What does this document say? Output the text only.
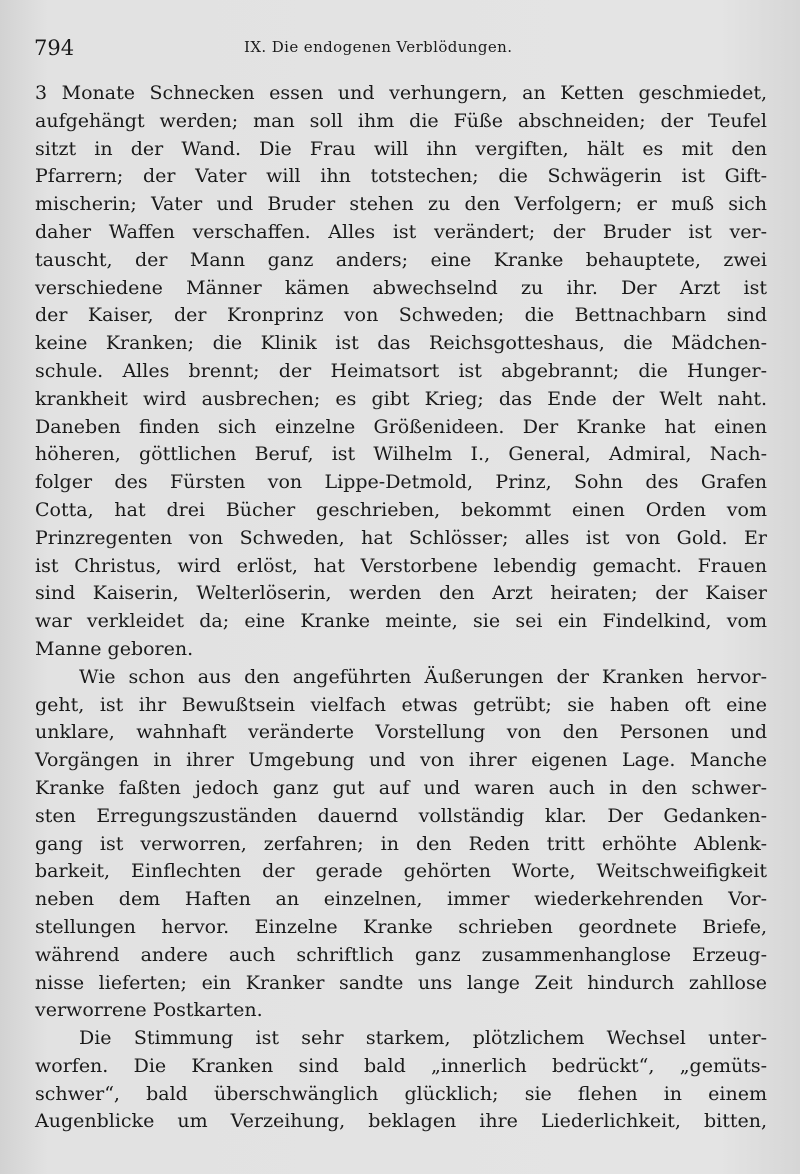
794	IX. Die endogenen Verblödungen.
3 Monate Schnecken essen und verhungern, an Ketten geschmiedet,
aufgehängt werden; man soll ihm die Füße abschneiden; der Teufel
sitzt in der Wand. Die Frau will ihn vergiften, hält es mit den
Pfarrern; der Vater will ihn totstechen; die Schwägerin ist Gift-
mischerin; Vater und Bruder stehen zu den Verfolgern; er muß sich
daher Waffen verschaffen. Alles ist verändert; der Bruder ist ver-
tauscht, der Mann ganz anders; eine Kranke behauptete, zwei
verschiedene Männer kämen abwechselnd zu ihr. Der Arzt ist
der Kaiser, der Kronprinz von Schweden; die Bettnachbarn sind
keine Kranken; die Klinik ist das Reichsgotteshaus, die Mädchen-
schule. Alles brennt; der Heimatsort ist abgebrannt; die Hunger-
krankheit wird ausbrechen; es gibt Krieg; das Ende der Welt naht.
Daneben finden sich einzelne Größenideen. Der Kranke hat einen
höheren, göttlichen Beruf, ist Wilhelm I., General, Admiral, Nach-
folger des Fürsten von Lippe-Detmold, Prinz, Sohn des Grafen
Cotta, hat drei Bücher geschrieben, bekommt einen Orden vom
Prinzregenten von Schweden, hat Schlösser; alles ist von Gold. Er
ist Christus, wird erlöst, hat Verstorbene lebendig gemacht. Frauen
sind Kaiserin, Welterlöserin, werden den Arzt heiraten; der Kaiser
war verkleidet da; eine Kranke meinte, sie sei ein Findelkind, vom
Manne geboren.
Wie schon aus den angeführten Äußerungen der Kranken hervor-
geht, ist ihr Bewußtsein vielfach etwas getrübt; sie haben oft eine
unklare, wahnhaft veränderte Vorstellung von den Personen und
Vorgängen in ihrer Umgebung und von ihrer eigenen Lage. Manche
Kranke faßten jedoch ganz gut auf und waren auch in den schwer-
sten Erregungszuständen dauernd vollständig klar. Der Gedanken-
gang ist verworren, zerfahren; in den Reden tritt erhöhte Ablenk-
barkeit, Einflechten der gerade gehörten Worte, Weitschweifigkeit
neben dem Haften an einzelnen, immer wiederkehrenden Vor-
stellungen hervor. Einzelne Kranke schrieben geordnete Briefe,
während andere auch schriftlich ganz zusammenhanglose Erzeug-
nisse lieferten; ein Kranker sandte uns lange Zeit hindurch zahllose
verworrene Postkarten.
Die Stimmung ist sehr starkem, plötzlichem Wechsel unter-
worfen. Die Kranken sind bald „innerlich bedrückt“, „gemüts-
schwer“, bald überschwänglich glücklich; sie flehen in einem
Augenblicke um Verzeihung, beklagen ihre Liederlichkeit, bitten,
